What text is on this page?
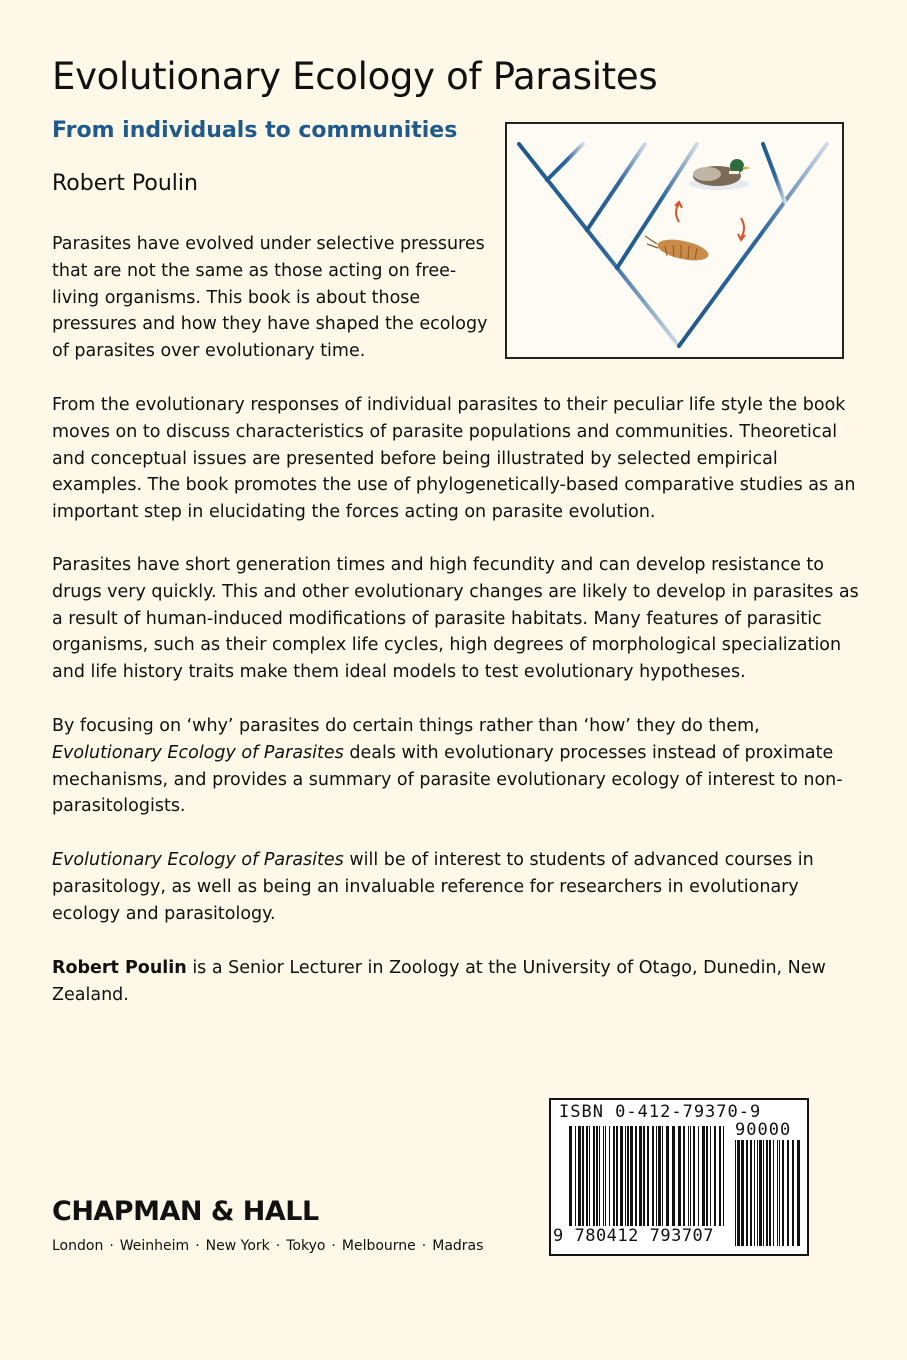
Evolutionary Ecology of Parasites
From individuals to communities

Robert Poulin

Parasites have evolved under selective pressures that are not the same as those acting on free-living organisms. This book is about those pressures and how they have shaped the ecology of parasites over evolutionary time.

From the evolutionary responses of individual parasites to their peculiar life style the book moves on to discuss characteristics of parasite populations and communities. Theoretical and conceptual issues are presented before being illustrated by selected empirical examples. The book promotes the use of phylogenetically-based comparative studies as an important step in elucidating the forces acting on parasite evolution.

Parasites have short generation times and high fecundity and can develop resistance to drugs very quickly. This and other evolutionary changes are likely to develop in parasites as a result of human-induced modifications of parasite habitats. Many features of parasitic organisms, such as their complex life cycles, high degrees of morphological specialization and life history traits make them ideal models to test evolutionary hypotheses.

By focusing on ‘why’ parasites do certain things rather than ‘how’ they do them, Evolutionary Ecology of Parasites deals with evolutionary processes instead of proximate mechanisms, and provides a summary of parasite evolutionary ecology of interest to non-parasitologists.

Evolutionary Ecology of Parasites will be of interest to students of advanced courses in parasitology, as well as being an invaluable reference for researchers in evolutionary ecology and parasitology.

Robert Poulin is a Senior Lecturer in Zoology at the University of Otago, Dunedin, New Zealand.

CHAPMAN & HALL
London · Weinheim · New York · Tokyo · Melbourne · Madras

ISBN 0-412-79370-9

90000

9 780412 793707
